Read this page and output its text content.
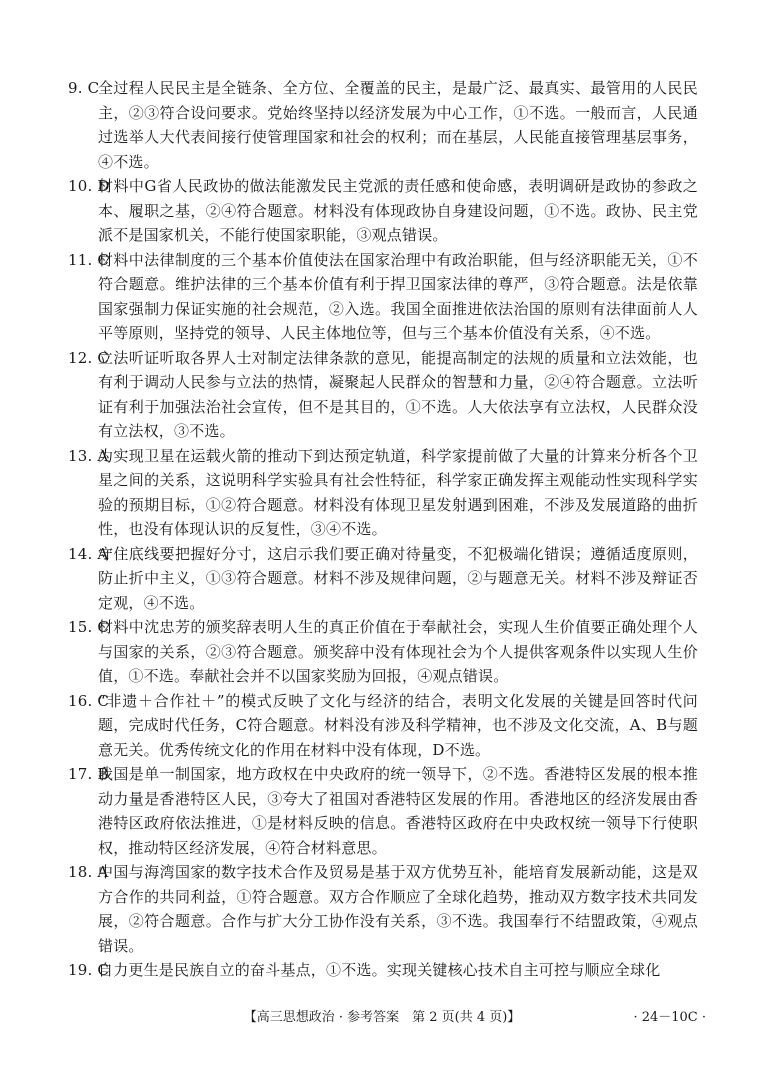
9. C
全过程人民民主是全链条、全方位、全覆盖的民主，是最广泛、最真实、最管用的人民民主，②③符合设问要求。党始终坚持以经济发展为中心工作，①不选。一般而言，人民通过选举人大代表间接行使管理国家和社会的权利；而在基层，人民能直接管理基层事务，④不选。
10. D
材料中G省人民政协的做法能激发民主党派的责任感和使命感，表明调研是政协的参政之本、履职之基，②④符合题意。材料没有体现政协自身建设问题，①不选。政协、民主党派不是国家机关，不能行使国家职能，③观点错误。
11. C
材料中法律制度的三个基本价值使法在国家治理中有政治职能，但与经济职能无关，①不符合题意。维护法律的三个基本价值有利于捍卫国家法律的尊严，③符合题意。法是依靠国家强制力保证实施的社会规范，②入选。我国全面推进依法治国的原则有法律面前人人平等原则，坚持党的领导、人民主体地位等，但与三个基本价值没有关系，④不选。
12. C
立法听证听取各界人士对制定法律条款的意见，能提高制定的法规的质量和立法效能，也有利于调动人民参与立法的热情，凝聚起人民群众的智慧和力量，②④符合题意。立法听证有利于加强法治社会宣传，但不是其目的，①不选。人大依法享有立法权，人民群众没有立法权，③不选。
13. A
为实现卫星在运载火箭的推动下到达预定轨道，科学家提前做了大量的计算来分析各个卫星之间的关系，这说明科学实验具有社会性特征，科学家正确发挥主观能动性实现科学实验的预期目标，①②符合题意。材料没有体现卫星发射遇到困难，不涉及发展道路的曲折性，也没有体现认识的反复性，③④不选。
14. A
守住底线要把握好分寸，这启示我们要正确对待量变，不犯极端化错误；遵循适度原则，防止折中主义，①③符合题意。材料不涉及规律问题，②与题意无关。材料不涉及辩证否定观，④不选。
15. C
材料中沈忠芳的颁奖辞表明人生的真正价值在于奉献社会，实现人生价值要正确处理个人与国家的关系，②③符合题意。颁奖辞中没有体现社会为个人提供客观条件以实现人生价值，①不选。奉献社会并不以国家奖励为回报，④观点错误。
16. C
“非遗＋合作社＋”的模式反映了文化与经济的结合，表明文化发展的关键是回答时代问题，完成时代任务，C符合题意。材料没有涉及科学精神，也不涉及文化交流，A、B与题意无关。优秀传统文化的作用在材料中没有体现，D不选。
17. B
我国是单一制国家，地方政权在中央政府的统一领导下，②不选。香港特区发展的根本推动力量是香港特区人民，③夸大了祖国对香港特区发展的作用。香港地区的经济发展由香港特区政府依法推进，①是材料反映的信息。香港特区政府在中央政权统一领导下行使职权，推动特区经济发展，④符合材料意思。
18. A
中国与海湾国家的数字技术合作及贸易是基于双方优势互补，能培育发展新动能，这是双方合作的共同利益，①符合题意。双方合作顺应了全球化趋势，推动双方数字技术共同发展，②符合题意。合作与扩大分工协作没有关系，③不选。我国奉行不结盟政策，④观点错误。
19. C
自力更生是民族自立的奋斗基点，①不选。实现关键核心技术自主可控与顺应全球化
【高三思想政治 · 参考答案　第 2 页(共 4 页)】	· 24－10C ·
